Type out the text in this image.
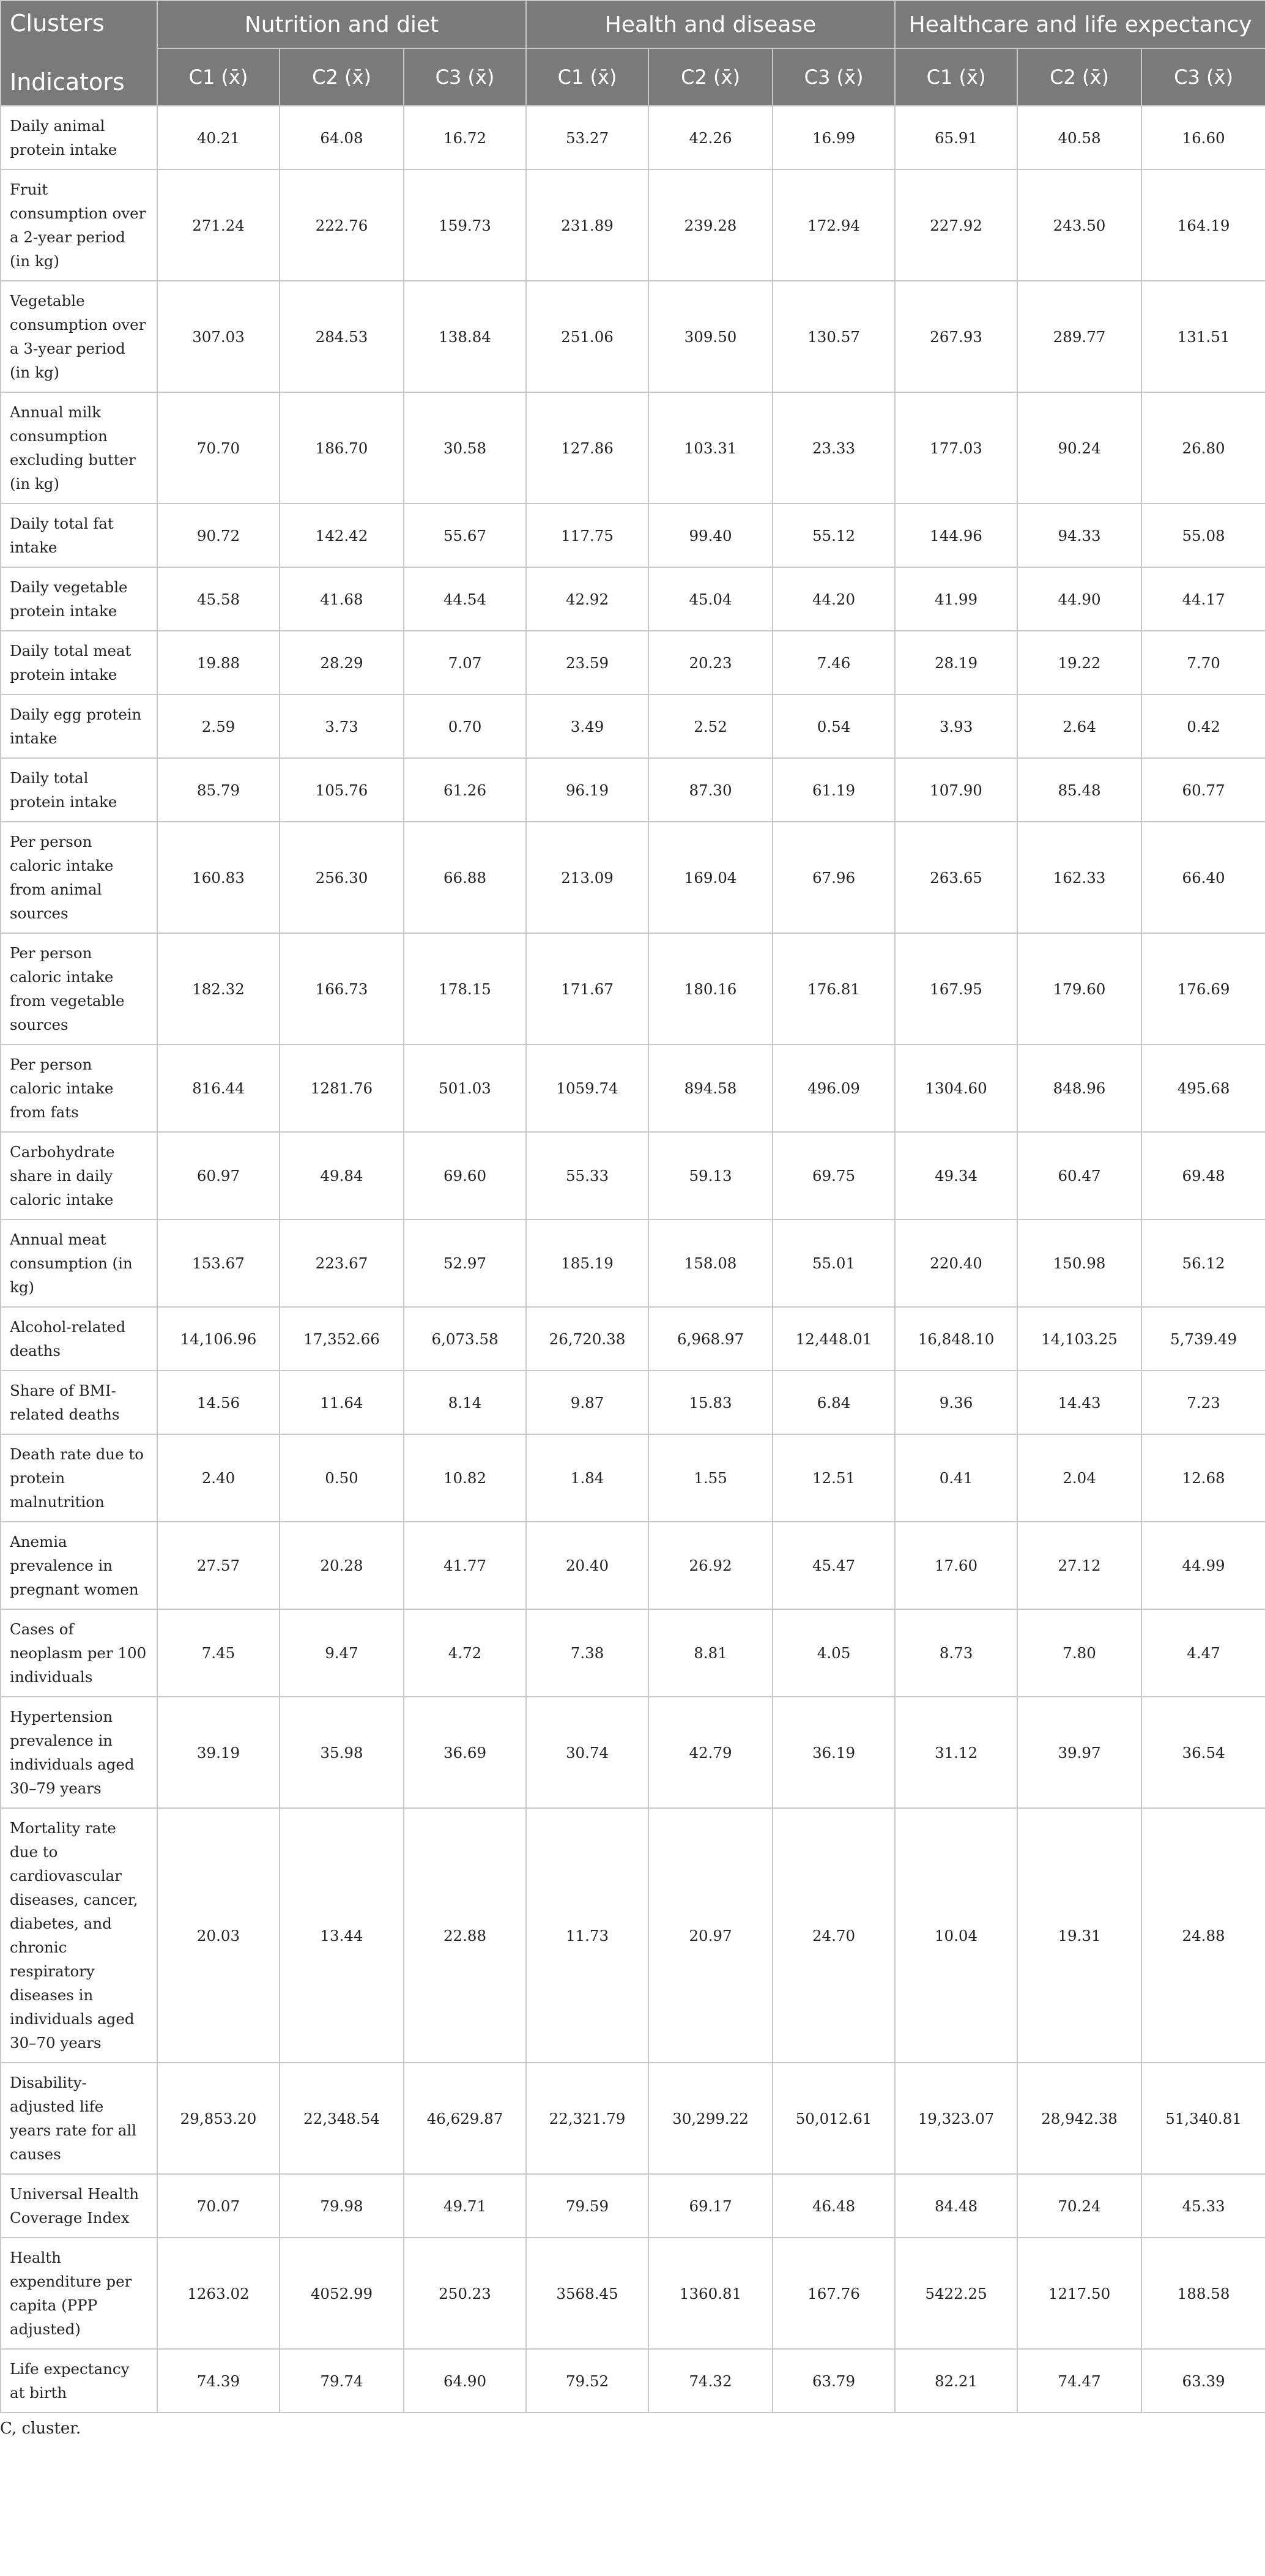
Clusters
Indicators	Nutrition and diet			Health and disease			Healthcare and life expectancy		
	C1 (x̄)	C2 (x̄)	C3 (x̄)	C1 (x̄)	C2 (x̄)	C3 (x̄)	C1 (x̄)	C2 (x̄)	C3 (x̄)
Daily animal protein intake	40.21	64.08	16.72	53.27	42.26	16.99	65.91	40.58	16.60
Fruit consumption over a 2-year period (in kg)	271.24	222.76	159.73	231.89	239.28	172.94	227.92	243.50	164.19
Vegetable consumption over a 3-year period (in kg)	307.03	284.53	138.84	251.06	309.50	130.57	267.93	289.77	131.51
Annual milk consumption excluding butter (in kg)	70.70	186.70	30.58	127.86	103.31	23.33	177.03	90.24	26.80
Daily total fat intake	90.72	142.42	55.67	117.75	99.40	55.12	144.96	94.33	55.08
Daily vegetable protein intake	45.58	41.68	44.54	42.92	45.04	44.20	41.99	44.90	44.17
Daily total meat protein intake	19.88	28.29	7.07	23.59	20.23	7.46	28.19	19.22	7.70
Daily egg protein intake	2.59	3.73	0.70	3.49	2.52	0.54	3.93	2.64	0.42
Daily total protein intake	85.79	105.76	61.26	96.19	87.30	61.19	107.90	85.48	60.77
Per person caloric intake from animal sources	160.83	256.30	66.88	213.09	169.04	67.96	263.65	162.33	66.40
Per person caloric intake from vegetable sources	182.32	166.73	178.15	171.67	180.16	176.81	167.95	179.60	176.69
Per person caloric intake from fats	816.44	1281.76	501.03	1059.74	894.58	496.09	1304.60	848.96	495.68
Carbohydrate share in daily caloric intake	60.97	49.84	69.60	55.33	59.13	69.75	49.34	60.47	69.48
Annual meat consumption (in kg)	153.67	223.67	52.97	185.19	158.08	55.01	220.40	150.98	56.12
Alcohol-related deaths	14,106.96	17,352.66	6,073.58	26,720.38	6,968.97	12,448.01	16,848.10	14,103.25	5,739.49
Share of BMI-related deaths	14.56	11.64	8.14	9.87	15.83	6.84	9.36	14.43	7.23
Death rate due to protein malnutrition	2.40	0.50	10.82	1.84	1.55	12.51	0.41	2.04	12.68
Anemia prevalence in pregnant women	27.57	20.28	41.77	20.40	26.92	45.47	17.60	27.12	44.99
Cases of neoplasm per 100 individuals	7.45	9.47	4.72	7.38	8.81	4.05	8.73	7.80	4.47
Hypertension prevalence in individuals aged 30–79 years	39.19	35.98	36.69	30.74	42.79	36.19	31.12	39.97	36.54
Mortality rate due to cardiovascular diseases, cancer, diabetes, and chronic respiratory diseases in individuals aged 30–70 years	20.03	13.44	22.88	11.73	20.97	24.70	10.04	19.31	24.88
Disability-adjusted life years rate for all causes	29,853.20	22,348.54	46,629.87	22,321.79	30,299.22	50,012.61	19,323.07	28,942.38	51,340.81
Universal Health Coverage Index	70.07	79.98	49.71	79.59	69.17	46.48	84.48	70.24	45.33
Health expenditure per capita (PPP adjusted)	1263.02	4052.99	250.23	3568.45	1360.81	167.76	5422.25	1217.50	188.58
Life expectancy at birth	74.39	79.74	64.90	79.52	74.32	63.79	82.21	74.47	63.39
C, cluster.
